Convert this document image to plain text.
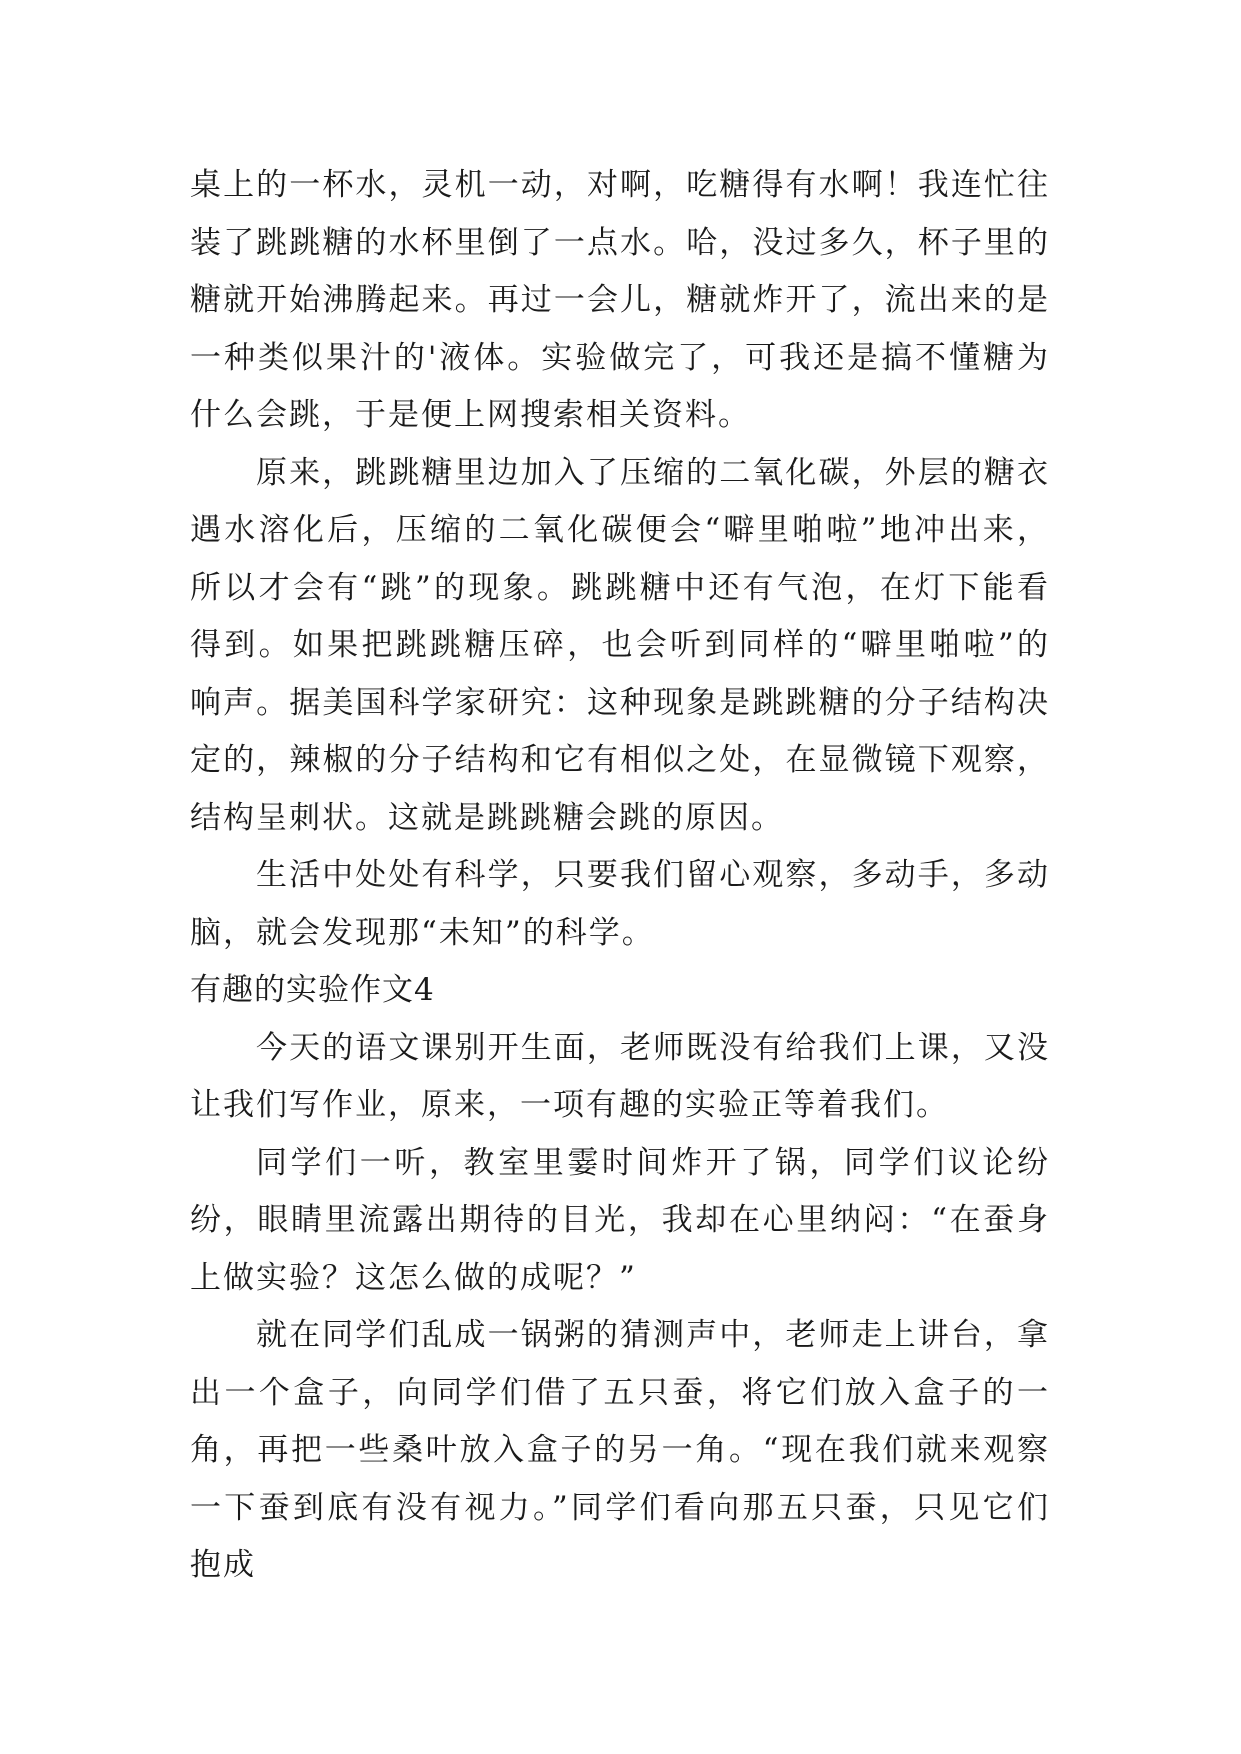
桌上的一杯水，灵机一动，对啊，吃糖得有水啊！我连忙往装了跳跳糖的水杯里倒了一点水。哈，没过多久，杯子里的糖就开始沸腾起来。再过一会儿，糖就炸开了，流出来的是一种类似果汁的'液体。实验做完了，可我还是搞不懂糖为什么会跳，于是便上网搜索相关资料。

原来，跳跳糖里边加入了压缩的二氧化碳，外层的糖衣遇水溶化后，压缩的二氧化碳便会“噼里啪啦”地冲出来，所以才会有“跳”的现象。跳跳糖中还有气泡，在灯下能看得到。如果把跳跳糖压碎，也会听到同样的“噼里啪啦”的响声。据美国科学家研究：这种现象是跳跳糖的分子结构决定的，辣椒的分子结构和它有相似之处，在显微镜下观察，结构呈刺状。这就是跳跳糖会跳的原因。

生活中处处有科学，只要我们留心观察，多动手，多动脑，就会发现那“未知”的科学。

有趣的实验作文4

今天的语文课别开生面，老师既没有给我们上课，又没让我们写作业，原来，一项有趣的实验正等着我们。

同学们一听，教室里霎时间炸开了锅，同学们议论纷纷，眼睛里流露出期待的目光，我却在心里纳闷：“在蚕身上做实验？这怎么做的成呢？”

就在同学们乱成一锅粥的猜测声中，老师走上讲台，拿出一个盒子，向同学们借了五只蚕，将它们放入盒子的一角，再把一些桑叶放入盒子的另一角。“现在我们就来观察一下蚕到底有没有视力。”同学们看向那五只蚕，只见它们抱成
